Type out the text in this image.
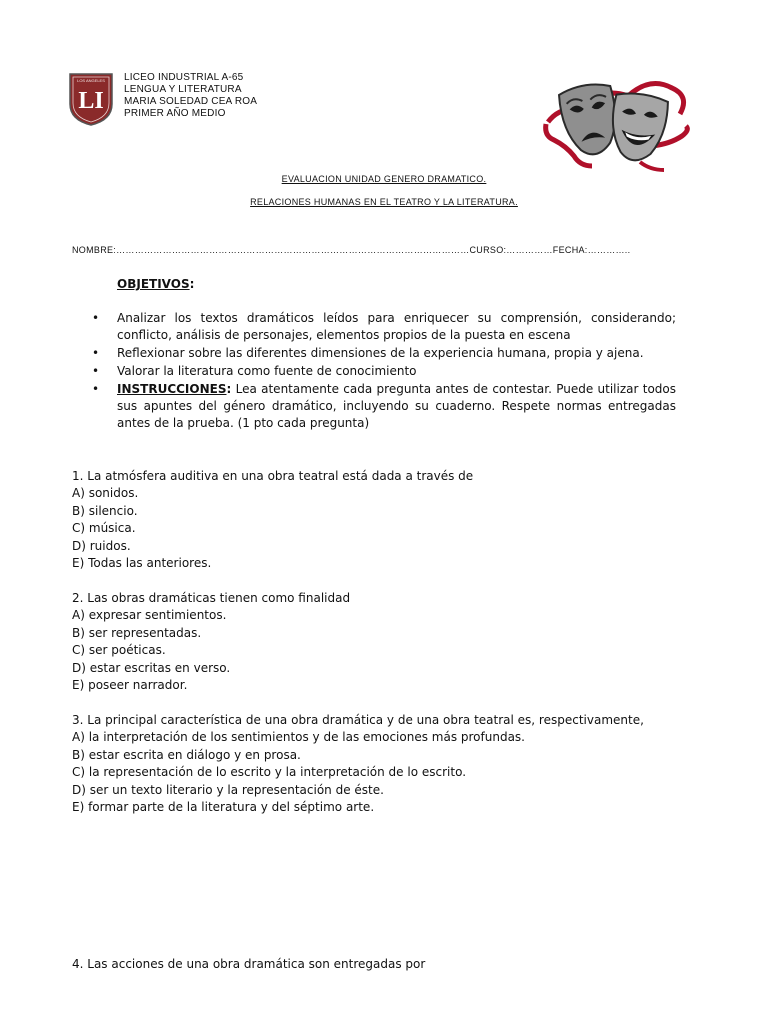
LOS ANGELES
LI
LICEO INDUSTRIAL A-65
LENGUA Y LITERATURA
MARIA SOLEDAD CEA ROA
PRIMER AÑO MEDIO
EVALUACION UNIDAD GENERO DRAMATICO.
RELACIONES HUMANAS EN EL TEATRO Y LA LITERATURA.
NOMBRE:……………………………………………………………………………………………………CURSO:……………FECHA:…………..
OBJETIVOS:
• Analizar los textos dramáticos leídos para enriquecer su comprensión, considerando; conflicto, análisis de personajes, elementos propios de la puesta en escena
• Reflexionar sobre las diferentes dimensiones de la experiencia humana, propia y ajena.
• Valorar la literatura como fuente de conocimiento
• INSTRUCCIONES: Lea atentamente cada pregunta antes de contestar. Puede utilizar todos sus apuntes del género dramático, incluyendo su cuaderno. Respete normas entregadas antes de la prueba. (1 pto cada pregunta)
1. La atmósfera auditiva en una obra teatral está dada a través de
A) sonidos.
B) silencio.
C) música.
D) ruidos.
E) Todas las anteriores.
2. Las obras dramáticas tienen como finalidad
A) expresar sentimientos.
B) ser representadas.
C) ser poéticas.
D) estar escritas en verso.
E) poseer narrador.
3. La principal característica de una obra dramática y de una obra teatral es, respectivamente,
A) la interpretación de los sentimientos y de las emociones más profundas.
B) estar escrita en diálogo y en prosa.
C) la representación de lo escrito y la interpretación de lo escrito.
D) ser un texto literario y la representación de éste.
E) formar parte de la literatura y del séptimo arte.
4. Las acciones de una obra dramática son entregadas por
